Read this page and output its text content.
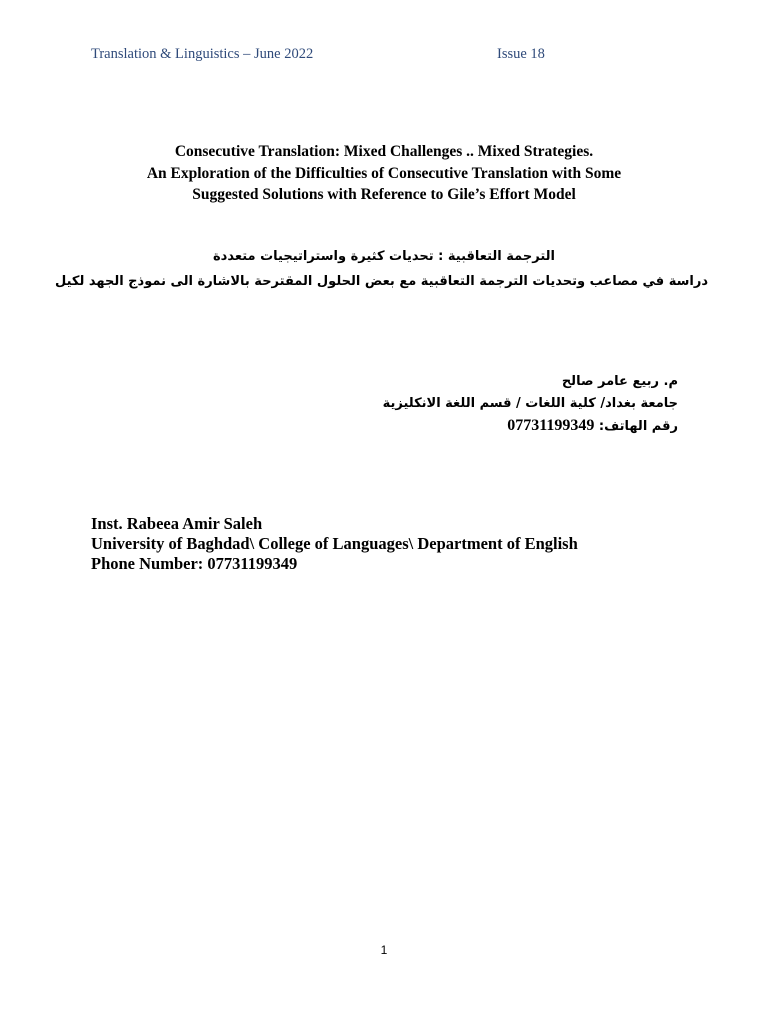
Translation & Linguistics – June 2022	Issue 18
Consecutive Translation: Mixed Challenges .. Mixed Strategies.
An Exploration of the Difficulties of Consecutive Translation with Some
Suggested Solutions with Reference to Gile’s Effort Model
الترجمة التعاقبية : تحديات كثيرة واستراتيجيات متعددة
دراسة في مصاعب وتحديات الترجمة التعاقبية مع بعض الحلول المقترحة بالاشارة الى نموذج الجهد لكيل
م. ربيع عامر صالح
جامعة بغداد/ كلية اللغات / قسم اللغة الانكليزية
رقم الهاتف: 07731199349
Inst. Rabeea Amir Saleh
University of Baghdad\ College of Languages\ Department of English
Phone Number: 07731199349
1
